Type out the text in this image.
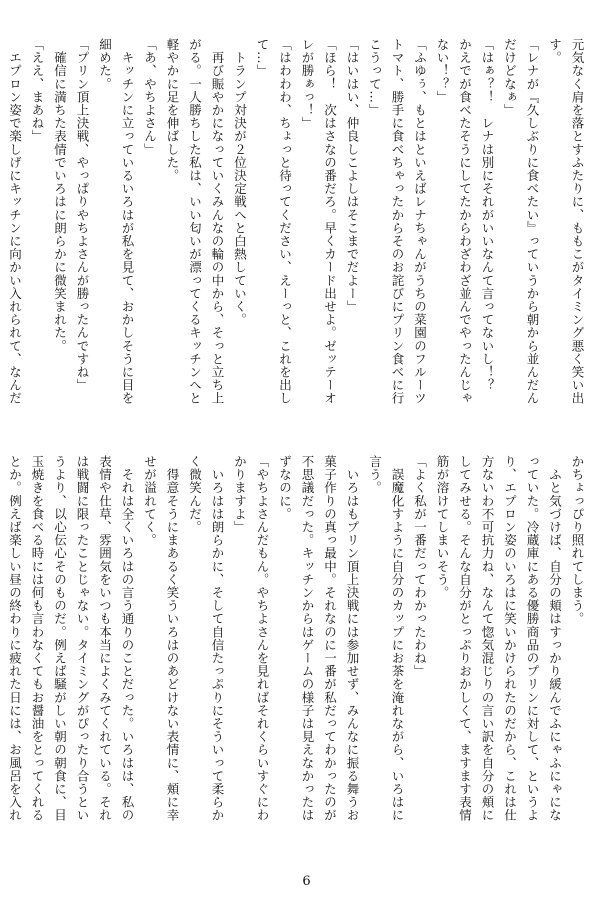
元気なく肩を落とすふたりに、ももこがタイミング悪く笑い出す。
「レナが『久しぶりに食べたい』っていうから朝から並んだんだけどなぁ」
「はぁ？！　レナは別にそれがいいなんて言ってないし！？　かえでが食べたそうにしてたからわざわざ並んでやったんじゃない！？」
「ふゆぅ、もとはといえばレナちゃんがうちの菜園のフルーツトマト、勝手に食べちゃったからそのお詫びにプリン食べに行こうって…」
「はいはい、仲良しこよしはそこまでだよー」
「ほら！　次はさなの番だろ。早くカード出せよ。ゼッテーオレが勝ぁっ！」
「はわわわ、ちょっと待ってください、えーっと、これを出して…」
　トランプ対決が２位決定戦へと白熱していく。
　再び賑やかになっていくみんなの輪の中から、そっと立ち上がる。一人勝ちした私は、いい匂いが漂ってくるキッチンへと軽やかに足を伸ばした。
「あ、やちよさん」
　キッチンに立っているいろはが私を見て、おかしそうに目を細めた。
「プリン頂上決戦、やっぱりやちよさんが勝ったんですね」
　確信に満ちた表情でいろはに朗らかに微笑まれた。
「ええ、まあね」
　エプロン姿で楽しげにキッチンに向かい入れられて、なんだ
かちょっぴり照れてしまう。
　ふと気づけば、自分の頬はすっかり緩んでふにゃふにゃになっていた。冷蔵庫にある優勝商品のプリンに対して、というより、エプロン姿のいろはに笑いかけられたのだから、これは仕方ないわ不可抗力ね、なんて惚気混じりの言い訳を自分の頬にしてみせる。そんな自分がとっぷりおかしくて、ますます表情筋が溶けてしまいそう。
「よく私が一番だってわかったわね」
　誤魔化すように自分のカップにお茶を淹れながら、いろはに言う。
　いろはもプリン頂上決戦には参加せず、みんなに振る舞うお菓子作りの真っ最中。それなのに一番が私だってわかったのが不思議だった。キッチンからはゲームの様子は見えなかったはずなのに。
「やちよさんだもん。やちよさんを見ればそれくらいすぐにわかりますよ」
　いろはは朗らかに、そして自信たっぷりにそういって柔らかく微笑んだ。
　得意そうにまあるく笑ういろはのあどけない表情に、頬に幸せが溢れてく。
　それは全くいろはの言う通りのことだった。いろはは、私の表情や仕草、雰囲気をいつも本当によくみてくれている。それは戦闘に限ったことじゃない。タイミングがぴったり合うというより、以心伝心そのものだ。例えば騒がしい朝の朝食に、目玉焼きを食べる時には何も言わなくてもお醤油をとってくれるとか。例えば楽しい昼の終わりに疲れた日には、お風呂を入れ
6
